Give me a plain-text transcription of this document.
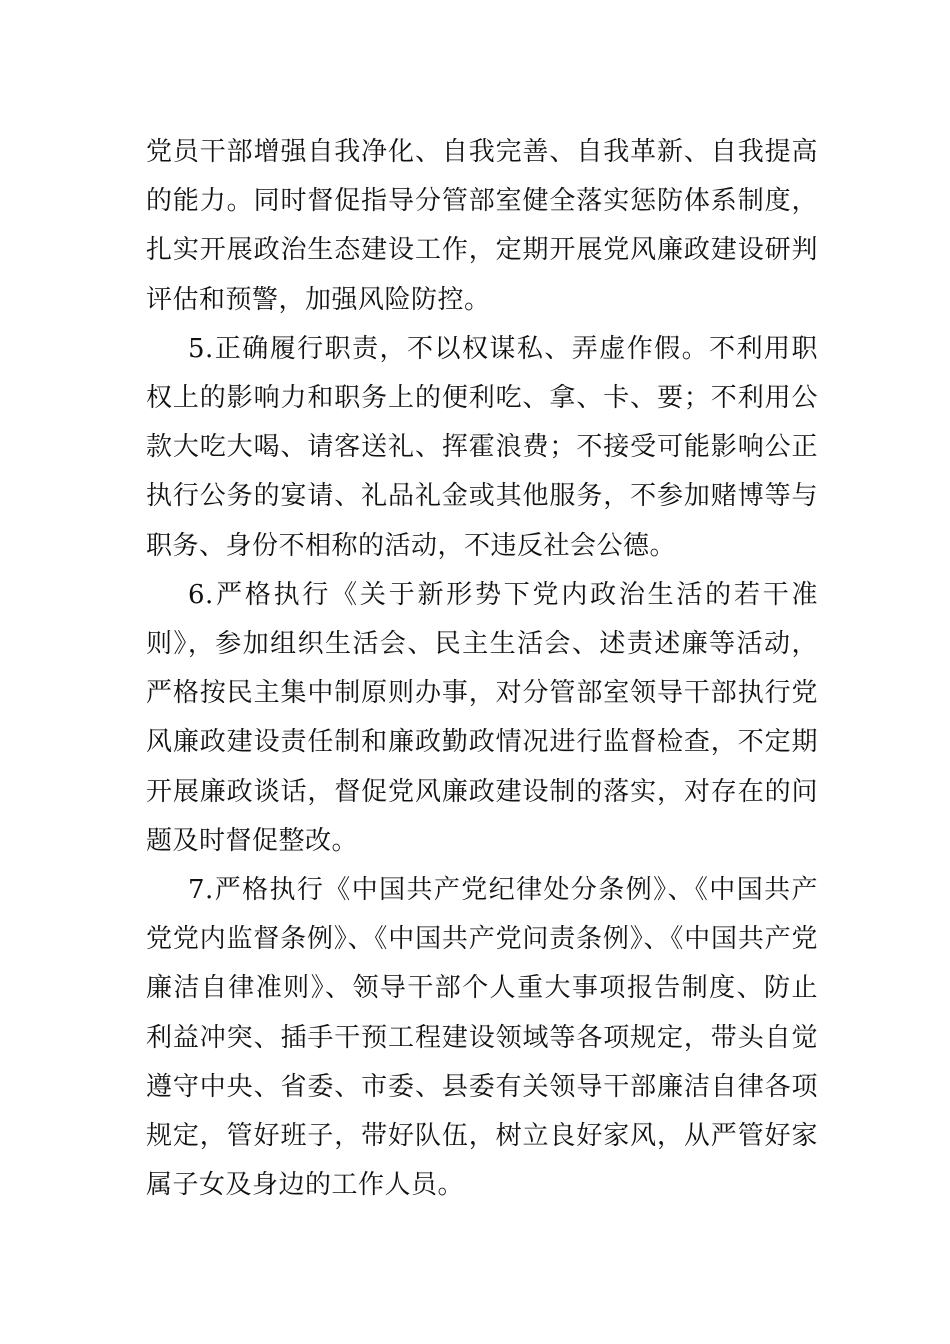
党员干部增强自我净化、自我完善、自我革新、自我提高的能力。同时督促指导分管部室健全落实惩防体系制度，扎实开展政治生态建设工作，定期开展党风廉政建设研判评估和预警，加强风险防控。

5.正确履行职责，不以权谋私、弄虚作假。不利用职权上的影响力和职务上的便利吃、拿、卡、要；不利用公款大吃大喝、请客送礼、挥霍浪费；不接受可能影响公正执行公务的宴请、礼品礼金或其他服务，不参加赌博等与职务、身份不相称的活动，不违反社会公德。

6.严格执行《关于新形势下党内政治生活的若干准则》，参加组织生活会、民主生活会、述责述廉等活动，严格按民主集中制原则办事，对分管部室领导干部执行党风廉政建设责任制和廉政勤政情况进行监督检查，不定期开展廉政谈话，督促党风廉政建设制的落实，对存在的问题及时督促整改。

7.严格执行《中国共产党纪律处分条例》、《中国共产党党内监督条例》、《中国共产党问责条例》、《中国共产党廉洁自律准则》、领导干部个人重大事项报告制度、防止利益冲突、插手干预工程建设领域等各项规定，带头自觉遵守中央、省委、市委、县委有关领导干部廉洁自律各项规定，管好班子，带好队伍，树立良好家风，从严管好家属子女及身边的工作人员。
